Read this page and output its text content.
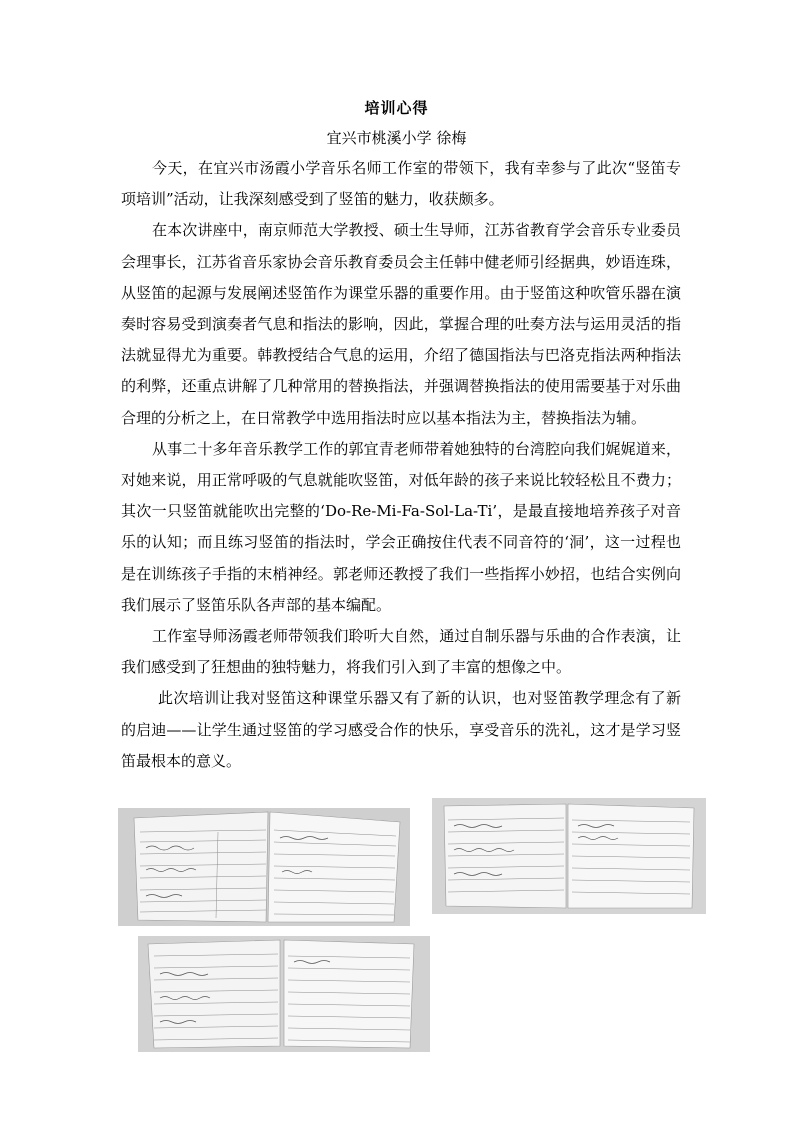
培训心得
宜兴市桃溪小学 徐梅

今天，在宜兴市汤霞小学音乐名师工作室的带领下，我有幸参与了此次“竖笛专项培训”活动，让我深刻感受到了竖笛的魅力，收获颇多。

在本次讲座中，南京师范大学教授、硕士生导师，江苏省教育学会音乐专业委员会理事长，江苏省音乐家协会音乐教育委员会主任韩中健老师引经据典，妙语连珠，从竖笛的起源与发展阐述竖笛作为课堂乐器的重要作用。由于竖笛这种吹管乐器在演奏时容易受到演奏者气息和指法的影响，因此，掌握合理的吐奏方法与运用灵活的指法就显得尤为重要。韩教授结合气息的运用，介绍了德国指法与巴洛克指法两种指法的利弊，还重点讲解了几种常用的替换指法，并强调替换指法的使用需要基于对乐曲合理的分析之上，在日常教学中选用指法时应以基本指法为主，替换指法为辅。

从事二十多年音乐教学工作的郭宜青老师带着她独特的台湾腔向我们娓娓道来，对她来说，用正常呼吸的气息就能吹竖笛，对低年龄的孩子来说比较轻松且不费力；其次一只竖笛就能吹出完整的‘Do-Re-Mi-Fa-Sol-La-Ti’，是最直接地培养孩子对音乐的认知；而且练习竖笛的指法时，学会正确按住代表不同音符的‘洞’，这一过程也是在训练孩子手指的末梢神经。郭老师还教授了我们一些指挥小妙招，也结合实例向我们展示了竖笛乐队各声部的基本编配。

工作室导师汤霞老师带领我们聆听大自然，通过自制乐器与乐曲的合作表演，让我们感受到了狂想曲的独特魅力，将我们引入到了丰富的想像之中。

此次培训让我对竖笛这种课堂乐器又有了新的认识，也对竖笛教学理念有了新的启迪——让学生通过竖笛的学习感受合作的快乐，享受音乐的洗礼，这才是学习竖笛最根本的意义。
